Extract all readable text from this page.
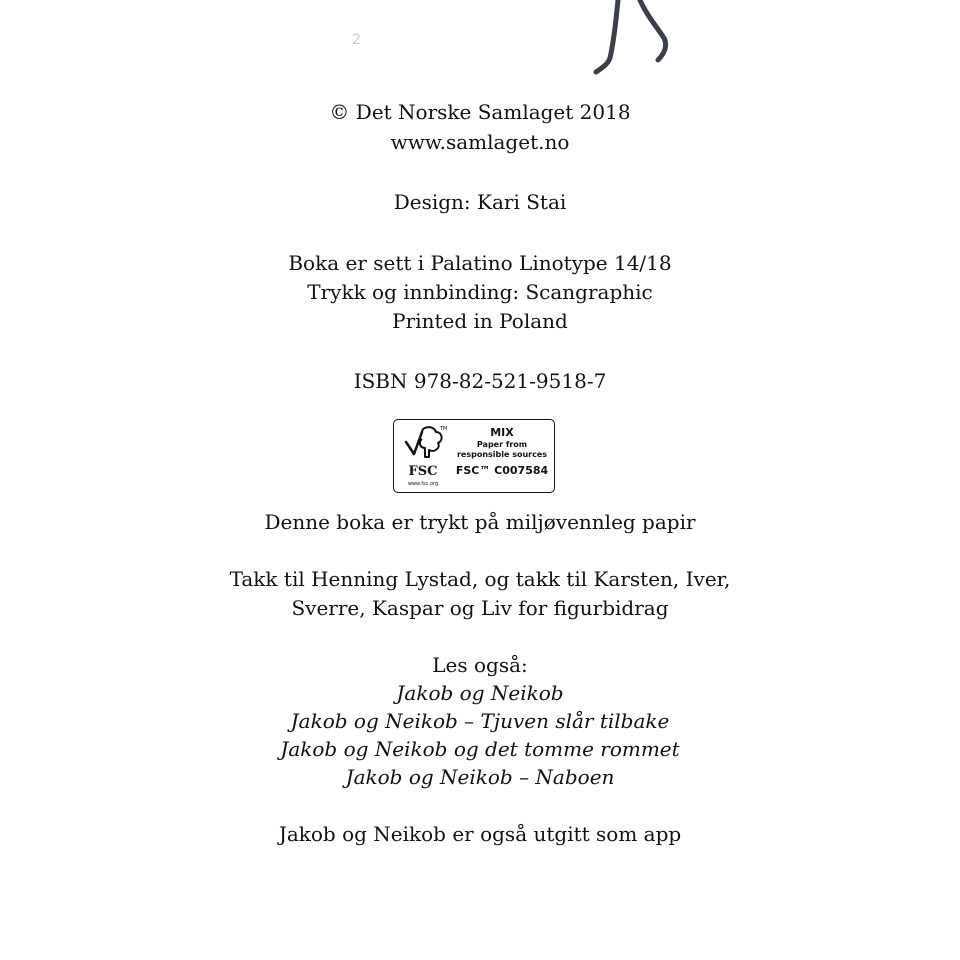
2
© Det Norske Samlaget 2018
www.samlaget.no
Design: Kari Stai
Boka er sett i Palatino Linotype 14/18
Trykk og innbinding: Scangraphic
Printed in Poland
ISBN 978-82-521-9518-7
TM
FSC
www.fsc.org
MIX
Paper from
responsible sources
FSC™ C007584
Denne boka er trykt på miljøvennleg papir
Takk til Henning Lystad, og takk til Karsten, Iver,
Sverre, Kaspar og Liv for figurbidrag
Les også:
Jakob og Neikob
Jakob og Neikob – Tjuven slår tilbake
Jakob og Neikob og det tomme rommet
Jakob og Neikob – Naboen
Jakob og Neikob er også utgitt som app
